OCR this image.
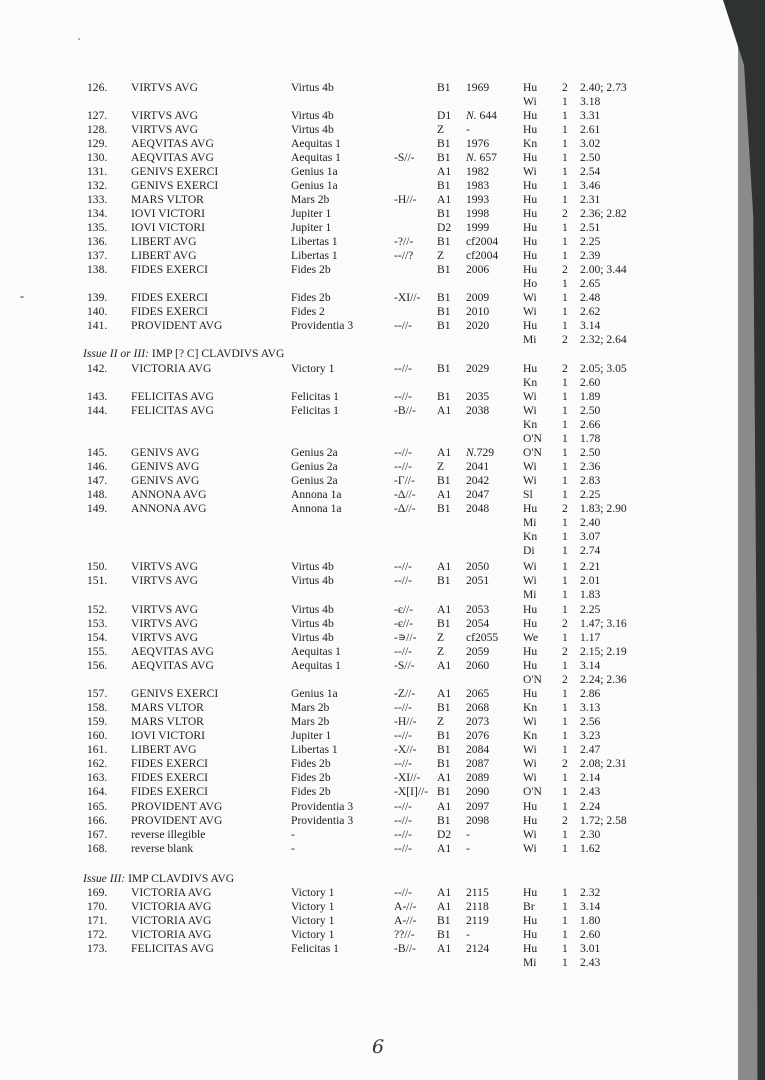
126. VIRTVS AVG	Virtus 4b	B1 1969	Hu 2 2.40; 2.73
Wi 1 3.18
127. VIRTVS AVG	Virtus 4b	D1 N. 644 Hu 1 3.31
128. VIRTVS AVG	Virtus 4b	Z -	Hu 1 2.61
129. AEQVITAS AVG	Aequitas 1	B1 1976	Kn 1 3.02
130. AEQVITAS AVG	Aequitas 1	-S//- B1 N. 657 Hu 1 2.50
131. GENIVS EXERCI	Genius 1a	A1 1982	Wi 1 2.54
132. GENIVS EXERCI	Genius 1a	B1 1983	Hu 1 3.46
133. MARS VLTOR	Mars 2b	-H//- A1 1993	Hu 1 2.31
134. IOVI VICTORI	Jupiter 1	B1 1998	Hu 2 2.36; 2.82
135. IOVI VICTORI	Jupiter 1	D2 1999	Hu 1 2.51
136. LIBERT AVG	Libertas 1	-?//- B1 cf2004 Hu 1 2.25
137. LIBERT AVG	Libertas 1	--//? Z cf2004 Hu 1 2.39
138. FIDES EXERCI	Fides 2b	B1 2006	Hu 2 2.00; 3.44
Ho 1 2.65
139. FIDES EXERCI	Fides 2b	-XI//- B1 2009	Wi 1 2.48
140. FIDES EXERCI	Fides 2	B1 2010	Wi 1 2.62
141. PROVIDENT AVG	Providentia 3	--//- B1 2020	Hu 1 3.14
Mi 2 2.32; 2.64
142. VICTORIA AVG	Victory 1	--//- B1 2029	Hu 2 2.05; 3.05
Kn 1 2.60
143. FELICITAS AVG	Felicitas 1	--//- B1 2035	Wi 1 1.89
144. FELICITAS AVG	Felicitas 1	-B//- A1 2038	Wi 1 2.50
Kn 1 2.66
O'N 1 1.78
145. GENIVS AVG	Genius 2a	--//- A1 N.729 O'N 1 2.50
146. GENIVS AVG	Genius 2a	--//- Z 2041	Wi 1 2.36
147. GENIVS AVG	Genius 2a	-Γ//- B1 2042	Wi 1 2.83
148. ANNONA AVG	Annona 1a	-Δ//- A1 2047	Sl	1 2.25
149. ANNONA AVG	Annona 1a	-Δ//- B1 2048	Hu 2 1.83; 2.90
Mi 1 2.40
Kn 1 3.07
Di 1 2.74
150. VIRTVS AVG	Virtus 4b	--//- A1 2050	Wi 1 2.21
151. VIRTVS AVG	Virtus 4b	--//- B1 2051	Wi 1 2.01
Mi 1 1.83
152. VIRTVS AVG	Virtus 4b	-є//- A1 2053	Hu 1 2.25
153. VIRTVS AVG	Virtus 4b	-є//- B1 2054	Hu 2 1.47; 3.16
154. VIRTVS AVG	Virtus 4b	-∍//- Z cf2055 We 1 1.17
155. AEQVITAS AVG	Aequitas 1	--//- Z 2059	Hu 2 2.15; 2.19
156. AEQVITAS AVG	Aequitas 1	-S//- A1 2060	Hu 1 3.14
O'N 2 2.24; 2.36
157. GENIVS EXERCI	Genius 1a	-Z//- A1 2065	Hu 1 2.86
158. MARS VLTOR	Mars 2b	--//- B1 2068	Kn 1 3.13
159. MARS VLTOR	Mars 2b	-H//- Z 2073	Wi 1 2.56
160. IOVI VICTORI	Jupiter 1	--//- B1 2076	Kn 1 3.23
161. LIBERT AVG	Libertas 1	-X//- B1 2084	Wi 1 2.47
162. FIDES EXERCI	Fides 2b	--//- B1 2087	Wi 2 2.08; 2.31
163. FIDES EXERCI	Fides 2b	-XI//- A1 2089	Wi 1 2.14
164. FIDES EXERCI	Fides 2b	-X[I]//- B1 2090	O'N 1 2.43
165. PROVIDENT AVG	Providentia 3	--//- A1 2097	Hu 1 2.24
166. PROVIDENT AVG	Providentia 3	--//- B1 2098	Hu 2 1.72; 2.58
167. reverse illegible	-	--//- D2 -	Wi 1 2.30
168. reverse blank	-	--//- A1 -	Wi 1 1.62
169. VICTORIA AVG	Victory 1	--//- A1 2115	Hu 1 2.32
170. VICTORIA AVG	Victory 1	A-//- A1 2118	Br 1 3.14
171. VICTORIA AVG	Victory 1	A-//- B1 2119	Hu 1 1.80
172. VICTORIA AVG	Victory 1	??//- B1 -	Hu 1 2.60
173. FELICITAS AVG	Felicitas 1	-B//- A1 2124	Hu 1 3.01
Mi 1 2.43
Issue II or III: IMP [? C] CLAVDIVS AVG
Issue III: IMP CLAVDIVS AVG
6
